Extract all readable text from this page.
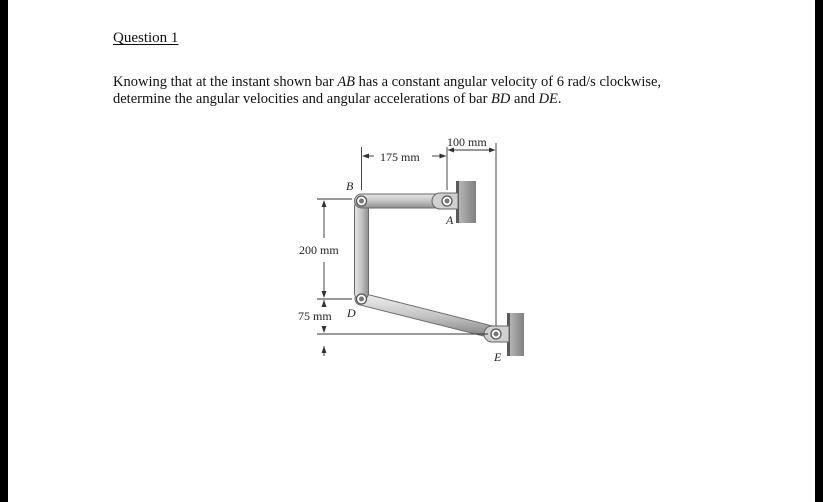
Question 1
Knowing that at the instant shown bar AB has a constant angular velocity of 6 rad/s clockwise,
determine the angular velocities and angular accelerations of bar BD and DE.
175 mm
100 mm
200 mm
75 mm
B
A
D
E
